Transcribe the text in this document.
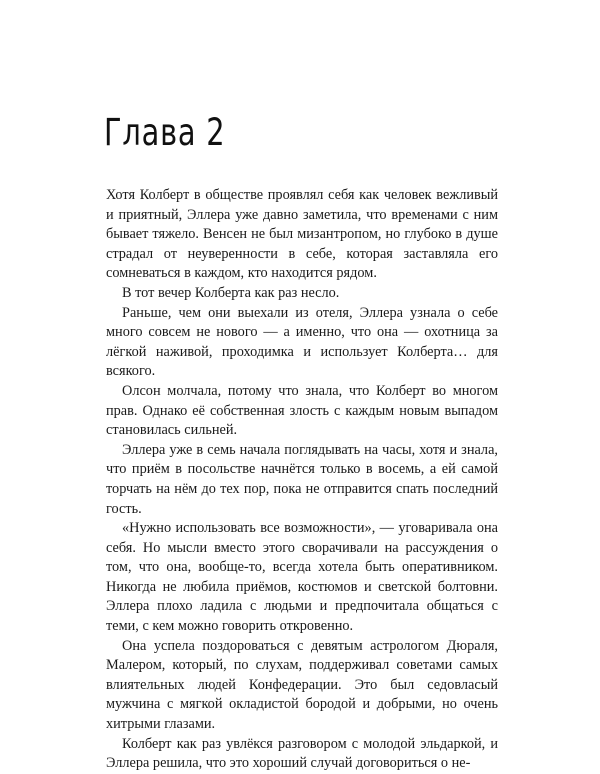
Глава 2

Хотя Колберт в обществе проявлял себя как человек вежливый и приятный, Эллера уже давно заметила, что временами с ним бывает тяжело. Венсен не был мизантропом, но глубоко в душе страдал от неуверенности в себе, которая заставляла его сомневаться в каждом, кто находится рядом.

В тот вечер Колберта как раз несло.

Раньше, чем они выехали из отеля, Эллера узнала о себе много совсем не нового — а именно, что она — охотница за лёгкой наживой, проходимка и использует Колберта… для всякого.

Олсон молчала, потому что знала, что Колберт во многом прав. Однако её собственная злость с каждым новым выпадом становилась сильней.

Эллера уже в семь начала поглядывать на часы, хотя и знала, что приём в посольстве начнётся только в восемь, а ей самой торчать на нём до тех пор, пока не отправится спать последний гость.

«Нужно использовать все возможности», — уговаривала она себя. Но мысли вместо этого сворачивали на рассуждения о том, что она, вообще-то, всегда хотела быть оперативником. Никогда не любила приёмов, костюмов и светской болтовни. Эллера плохо ладила с людьми и предпочитала общаться с теми, с кем можно говорить откровенно.

Она успела поздороваться с девятым астрологом Дюраля, Малером, который, по слухам, поддерживал советами самых влиятельных людей Конфедерации. Это был седовласый мужчина с мягкой окладистой бородой и добрыми, но очень хитрыми глазами.

Колберт как раз увлёкся разговором с молодой эльдаркой, и Эллера решила, что это хороший случай договориться о не-
